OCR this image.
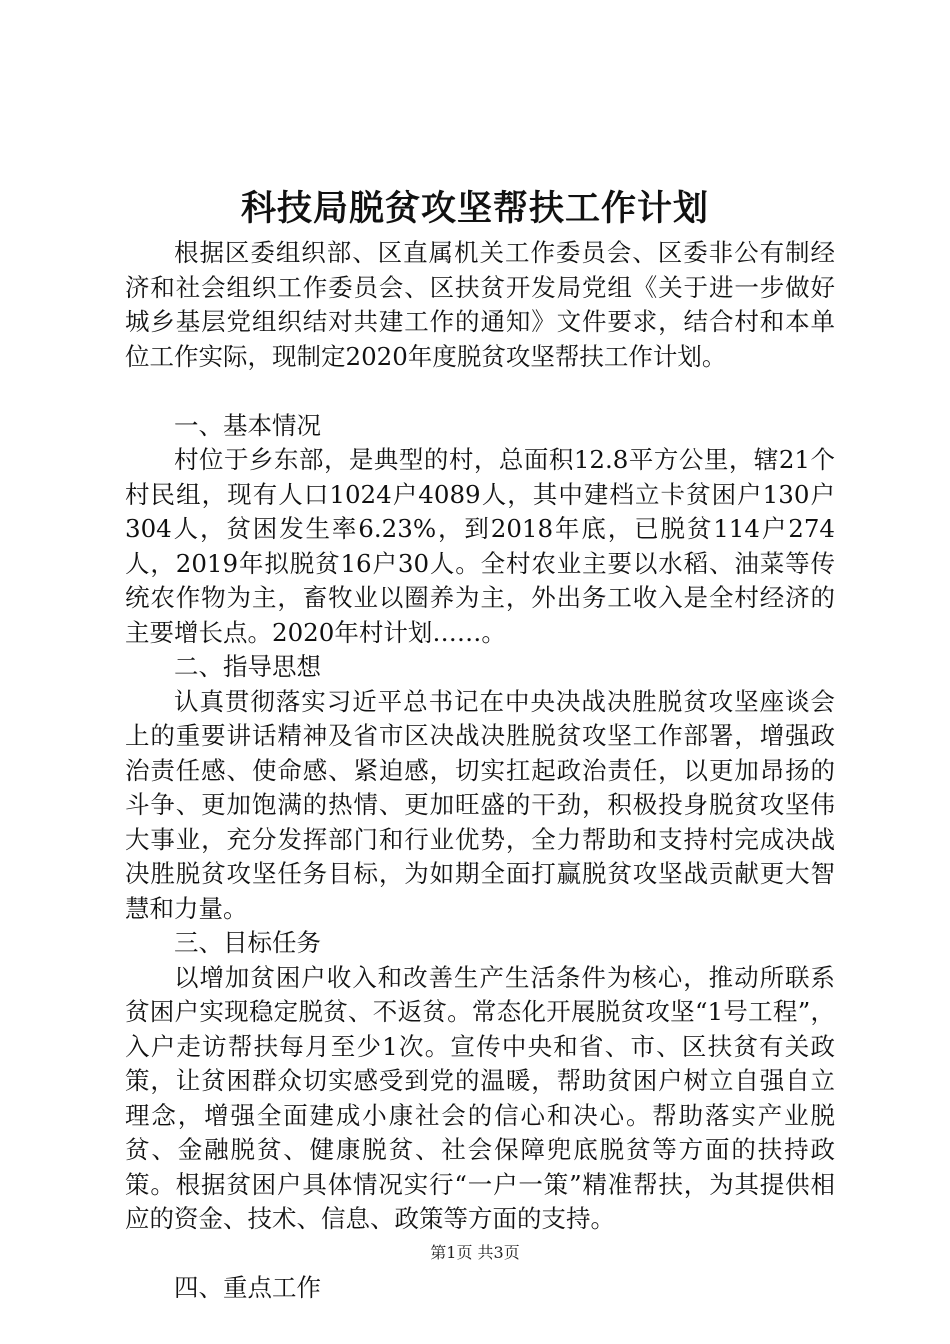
科技局脱贫攻坚帮扶工作计划

根据区委组织部、区直属机关工作委员会、区委非公有制经济和社会组织工作委员会、区扶贫开发局党组《关于进一步做好城乡基层党组织结对共建工作的通知》文件要求，结合村和本单位工作实际，现制定2020年度脱贫攻坚帮扶工作计划。

一、基本情况

村位于乡东部，是典型的村，总面积12.8平方公里，辖21个村民组，现有人口1024户4089人，其中建档立卡贫困户130户304人，贫困发生率6.23%，到2018年底，已脱贫114户274人，2019年拟脱贫16户30人。全村农业主要以水稻、油菜等传统农作物为主，畜牧业以圈养为主，外出务工收入是全村经济的主要增长点。2020年村计划……。

二、指导思想

认真贯彻落实习近平总书记在中央决战决胜脱贫攻坚座谈会上的重要讲话精神及省市区决战决胜脱贫攻坚工作部署，增强政治责任感、使命感、紧迫感，切实扛起政治责任，以更加昂扬的斗争、更加饱满的热情、更加旺盛的干劲，积极投身脱贫攻坚伟大事业，充分发挥部门和行业优势，全力帮助和支持村完成决战决胜脱贫攻坚任务目标，为如期全面打赢脱贫攻坚战贡献更大智慧和力量。

三、目标任务

以增加贫困户收入和改善生产生活条件为核心，推动所联系贫困户实现稳定脱贫、不返贫。常态化开展脱贫攻坚“1号工程”，入户走访帮扶每月至少1次。宣传中央和省、市、区扶贫有关政策，让贫困群众切实感受到党的温暖，帮助贫困户树立自强自立理念，增强全面建成小康社会的信心和决心。帮助落实产业脱贫、金融脱贫、健康脱贫、社会保障兜底脱贫等方面的扶持政策。根据贫困户具体情况实行“一户一策”精准帮扶，为其提供相应的资金、技术、信息、政策等方面的支持。

四、重点工作

第1页 共3页
